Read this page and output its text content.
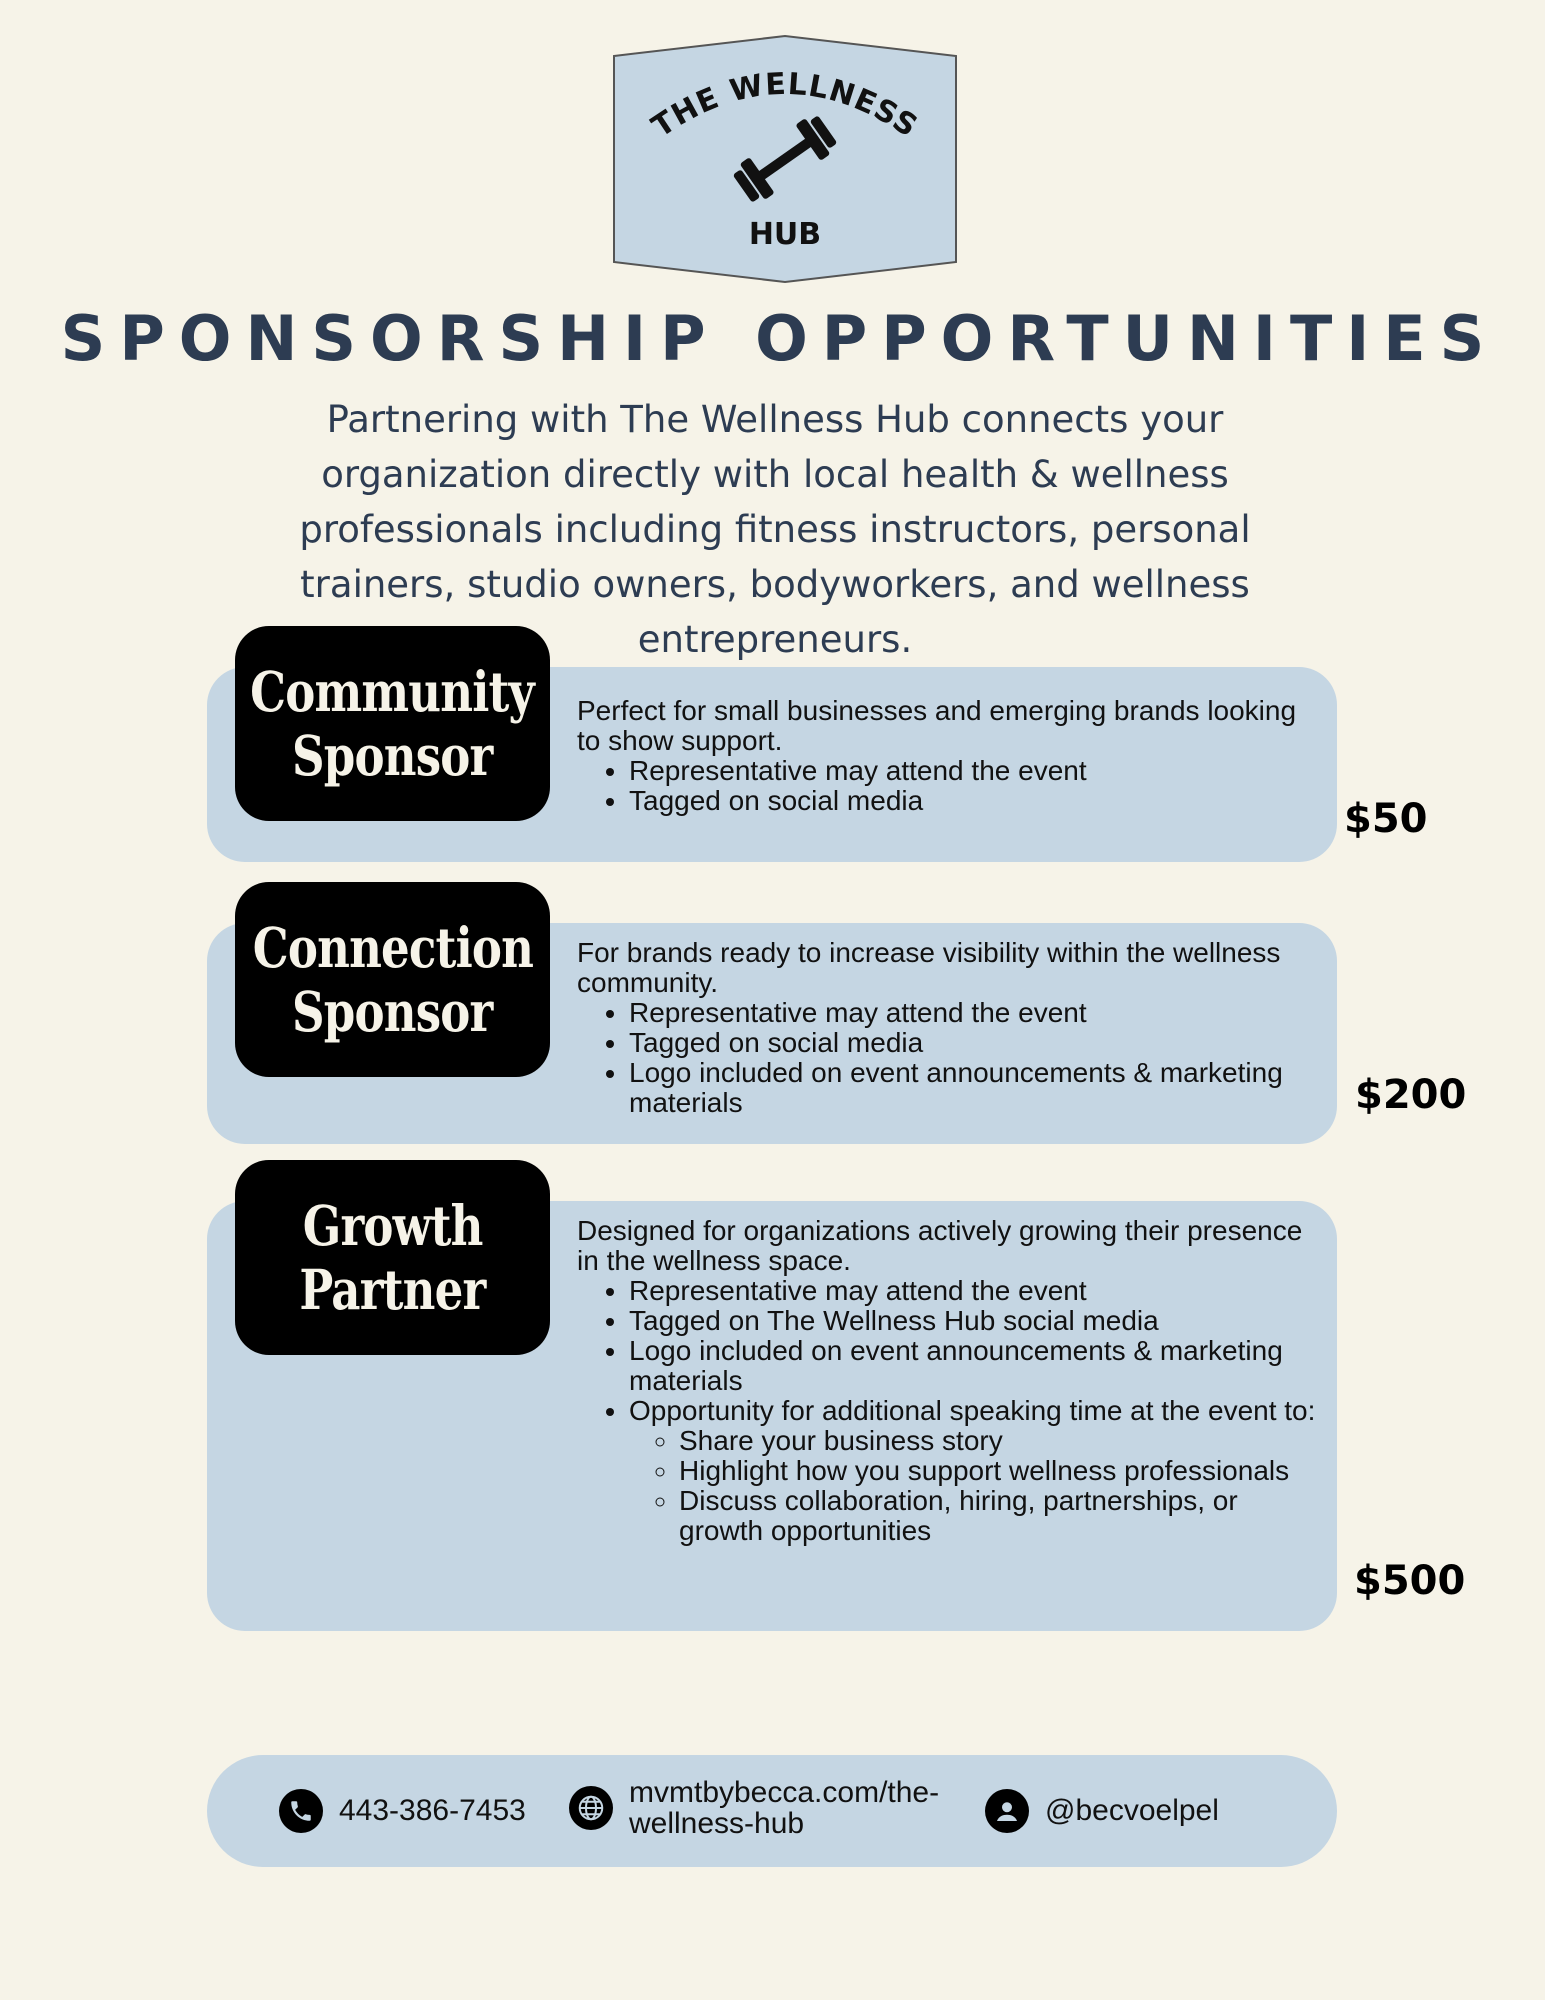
THE WELLNESS
HUB
SPONSORSHIP OPPORTUNITIES

Partnering with The Wellness Hub connects your organization directly with local health & wellness professionals including fitness instructors, personal trainers, studio owners, bodyworkers, and wellness entrepreneurs.

Community
Sponsor

Perfect for small businesses and emerging brands looking to show support.

• Representative may attend the event
• Tagged on social media	$50
Connection
Sponsor

For brands ready to increase visibility within the wellness community.

• Representative may attend the event
• Tagged on social media
• Logo included on event announcements & marketing materials	$200
Growth
Partner

Designed for organizations actively growing their presence in the wellness space.

• Representative may attend the event
• Tagged on The Wellness Hub social media
• Logo included on event announcements & marketing materials
• Opportunity for additional speaking time at the event to:
◦ Share your business story
◦ Highlight how you support wellness professionals
◦ Discuss collaboration, hiring, partnerships, or growth opportunities
$500
443-386-7453
mvmtbybecca.com/the-wellness-hub	@becvoelpel
